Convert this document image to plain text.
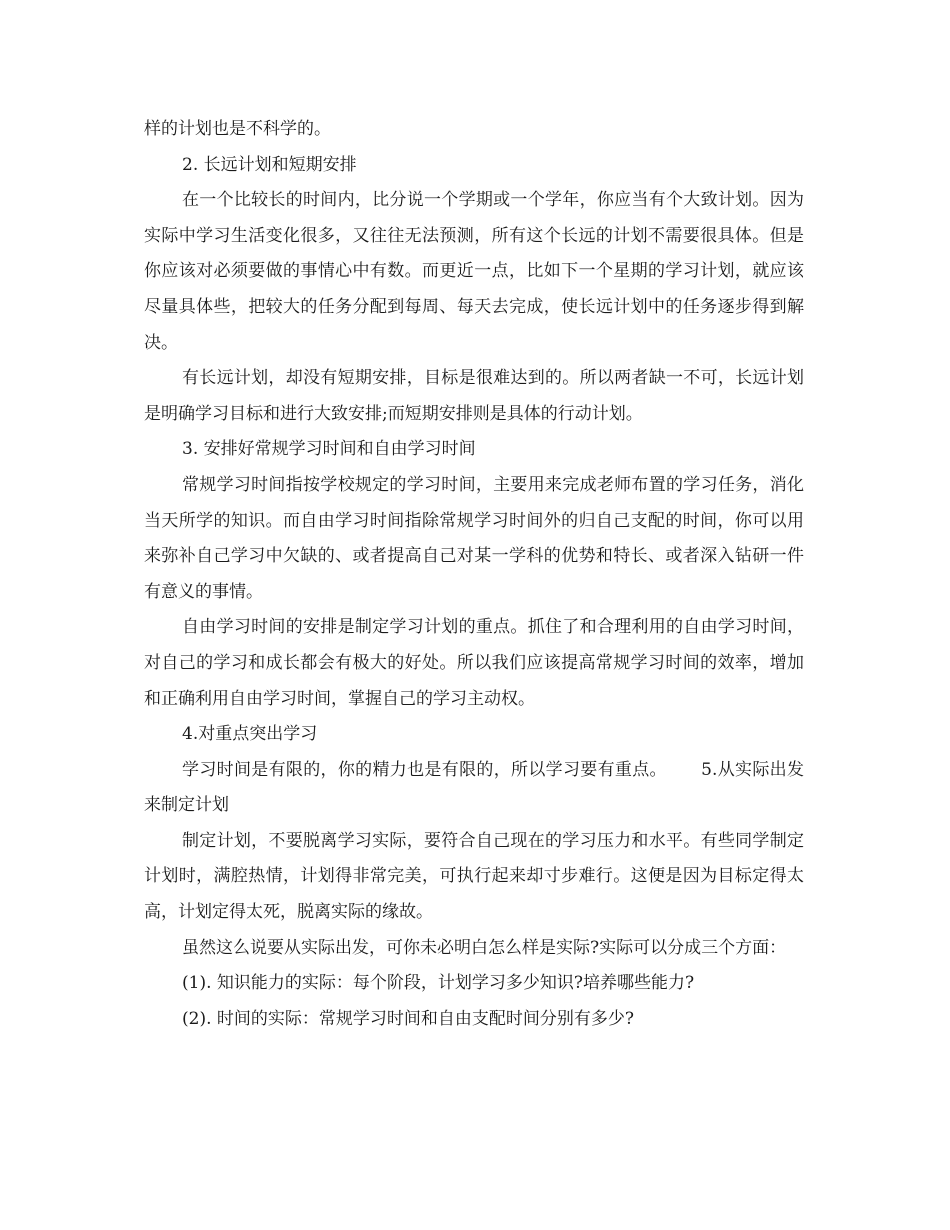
样的计划也是不科学的。

2. 长远计划和短期安排

在一个比较长的时间内，比分说一个学期或一个学年，你应当有个大致计划。因为实际中学习生活变化很多，又往往无法预测，所有这个长远的计划不需要很具体。但是你应该对必须要做的事情心中有数。而更近一点，比如下一个星期的学习计划，就应该尽量具体些，把较大的任务分配到每周、每天去完成，使长远计划中的任务逐步得到解决。

有长远计划，却没有短期安排，目标是很难达到的。所以两者缺一不可，长远计划是明确学习目标和进行大致安排;而短期安排则是具体的行动计划。

3. 安排好常规学习时间和自由学习时间

常规学习时间指按学校规定的学习时间，主要用来完成老师布置的学习任务，消化当天所学的知识。而自由学习时间指除常规学习时间外的归自己支配的时间，你可以用来弥补自己学习中欠缺的、或者提高自己对某一学科的优势和特长、或者深入钻研一件有意义的事情。

自由学习时间的安排是制定学习计划的重点。抓住了和合理利用的自由学习时间，对自己的学习和成长都会有极大的好处。所以我们应该提高常规学习时间的效率，增加和正确利用自由学习时间，掌握自己的学习主动权。

4.对重点突出学习

学习时间是有限的，你的精力也是有限的，所以学习要有重点。      5.从实际出发来制定计划

制定计划，不要脱离学习实际，要符合自己现在的学习压力和水平。有些同学制定计划时，满腔热情，计划得非常完美，可执行起来却寸步难行。这便是因为目标定得太高，计划定得太死，脱离实际的缘故。

虽然这么说要从实际出发，可你未必明白怎么样是实际?实际可以分成三个方面：

(1). 知识能力的实际：每个阶段，计划学习多少知识?培养哪些能力?

(2). 时间的实际：常规学习时间和自由支配时间分别有多少?
